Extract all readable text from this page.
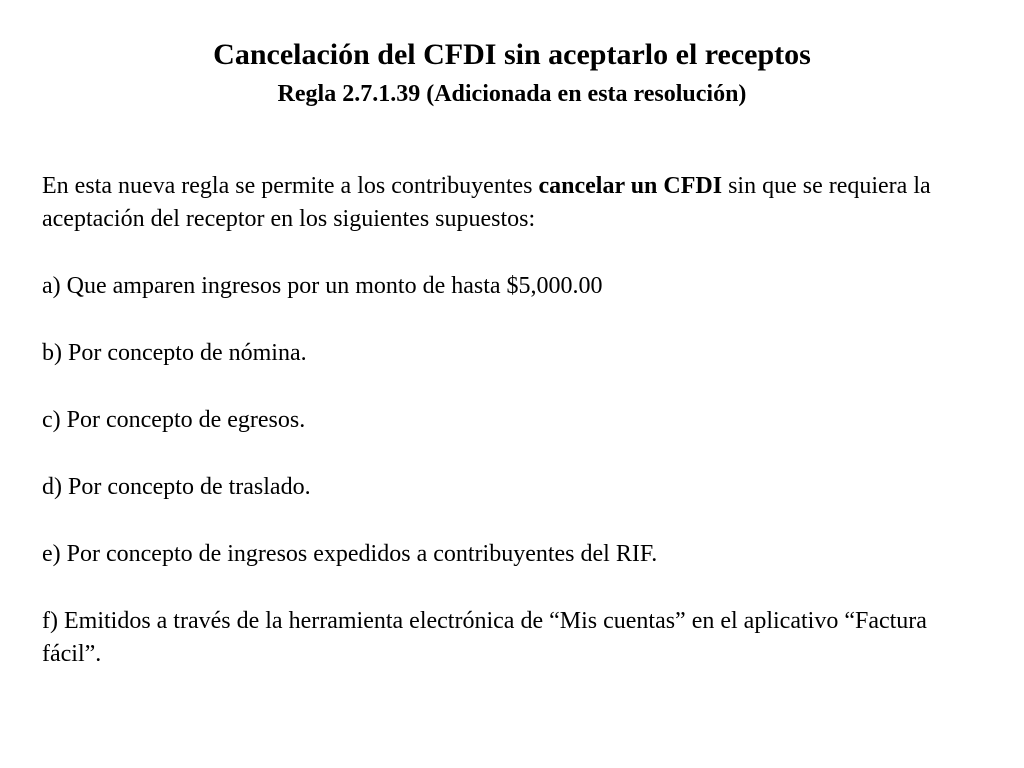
Cancelación del CFDI sin aceptarlo el receptos
Regla 2.7.1.39 (Adicionada en esta resolución)

En esta nueva regla se permite a los contribuyentes cancelar un CFDI sin que se requiera la aceptación del receptor en los siguientes supuestos:

a) Que amparen ingresos por un monto de hasta $5,000.00

b) Por concepto de nómina.

c) Por concepto de egresos.

d) Por concepto de traslado.

e) Por concepto de ingresos expedidos a contribuyentes del RIF.

f) Emitidos a través de la herramienta electrónica de “Mis cuentas” en el aplicativo “Factura fácil”.
